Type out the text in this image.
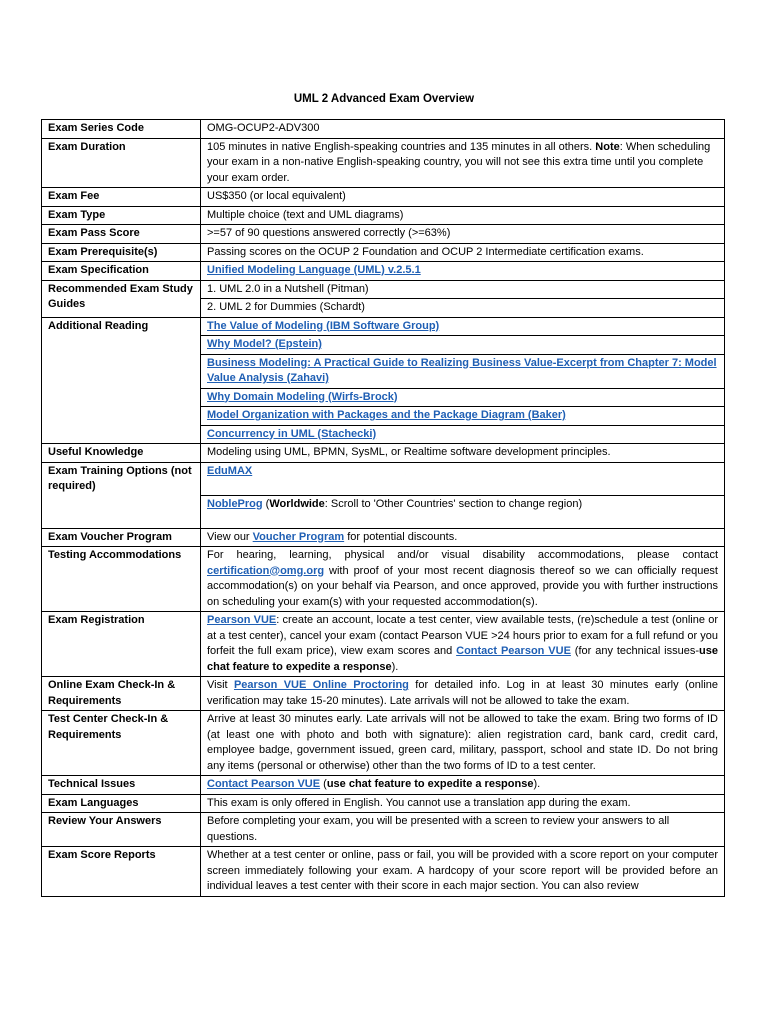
UML 2 Advanced Exam Overview
Exam Series Code	OMG-OCUP2-ADV300
Exam Duration	105 minutes in native English-speaking countries and 135 minutes in all others. Note: When scheduling your exam in a non-native English-speaking country, you will not see this extra time until you complete your exam order.
Exam Fee	US$350 (or local equivalent)
Exam Type	Multiple choice (text and UML diagrams)
Exam Pass Score	>=57 of 90 questions answered correctly (>=63%)
Exam Prerequisite(s)	Passing scores on the OCUP 2 Foundation and OCUP 2 Intermediate certification exams.
Exam Specification	Unified Modeling Language (UML) v.2.5.1
Recommended Exam Study Guides	1. UML 2.0 in a Nutshell (Pitman)
	2. UML 2 for Dummies (Schardt)
Additional Reading	The Value of Modeling (IBM Software Group)
	Why Model? (Epstein)
	Business Modeling: A Practical Guide to Realizing Business Value-Excerpt from Chapter 7: Model Value Analysis (Zahavi)
	Why Domain Modeling (Wirfs-Brock)
	Model Organization with Packages and the Package Diagram (Baker)
	Concurrency in UML (Stachecki)
Useful Knowledge	Modeling using UML, BPMN, SysML, or Realtime software development principles.
Exam Training Options (not required)	EduMAX
	NobleProg (Worldwide: Scroll to 'Other Countries' section to change region)
Exam Voucher Program	View our Voucher Program for potential discounts.
Testing Accommodations	For hearing, learning, physical and/or visual disability accommodations, please contact certification@omg.org with proof of your most recent diagnosis thereof so we can officially request accommodation(s) on your behalf via Pearson, and once approved, provide you with further instructions on scheduling your exam(s) with your requested accommodation(s).
Exam Registration	Pearson VUE: create an account, locate a test center, view available tests, (re)schedule a test (online or at a test center), cancel your exam (contact Pearson VUE >24 hours prior to exam for a full refund or you forfeit the full exam price), view exam scores and Contact Pearson VUE (for any technical issues-use chat feature to expedite a response).
Online Exam Check-In & Requirements	Visit Pearson VUE Online Proctoring for detailed info. Log in at least 30 minutes early (online verification may take 15-20 minutes). Late arrivals will not be allowed to take the exam.
Test Center Check-In & Requirements	Arrive at least 30 minutes early. Late arrivals will not be allowed to take the exam. Bring two forms of ID (at least one with photo and both with signature): alien registration card, bank card, credit card, employee badge, government issued, green card, military, passport, school and state ID. Do not bring any items (personal or otherwise) other than the two forms of ID to a test center.
Technical Issues	Contact Pearson VUE (use chat feature to expedite a response).
Exam Languages	This exam is only offered in English. You cannot use a translation app during the exam.
Review Your Answers	Before completing your exam, you will be presented with a screen to review your answers to all questions.
Exam Score Reports	Whether at a test center or online, pass or fail, you will be provided with a score report on your computer screen immediately following your exam. A hardcopy of your score report will be provided before an individual leaves a test center with their score in each major section. You can also review
